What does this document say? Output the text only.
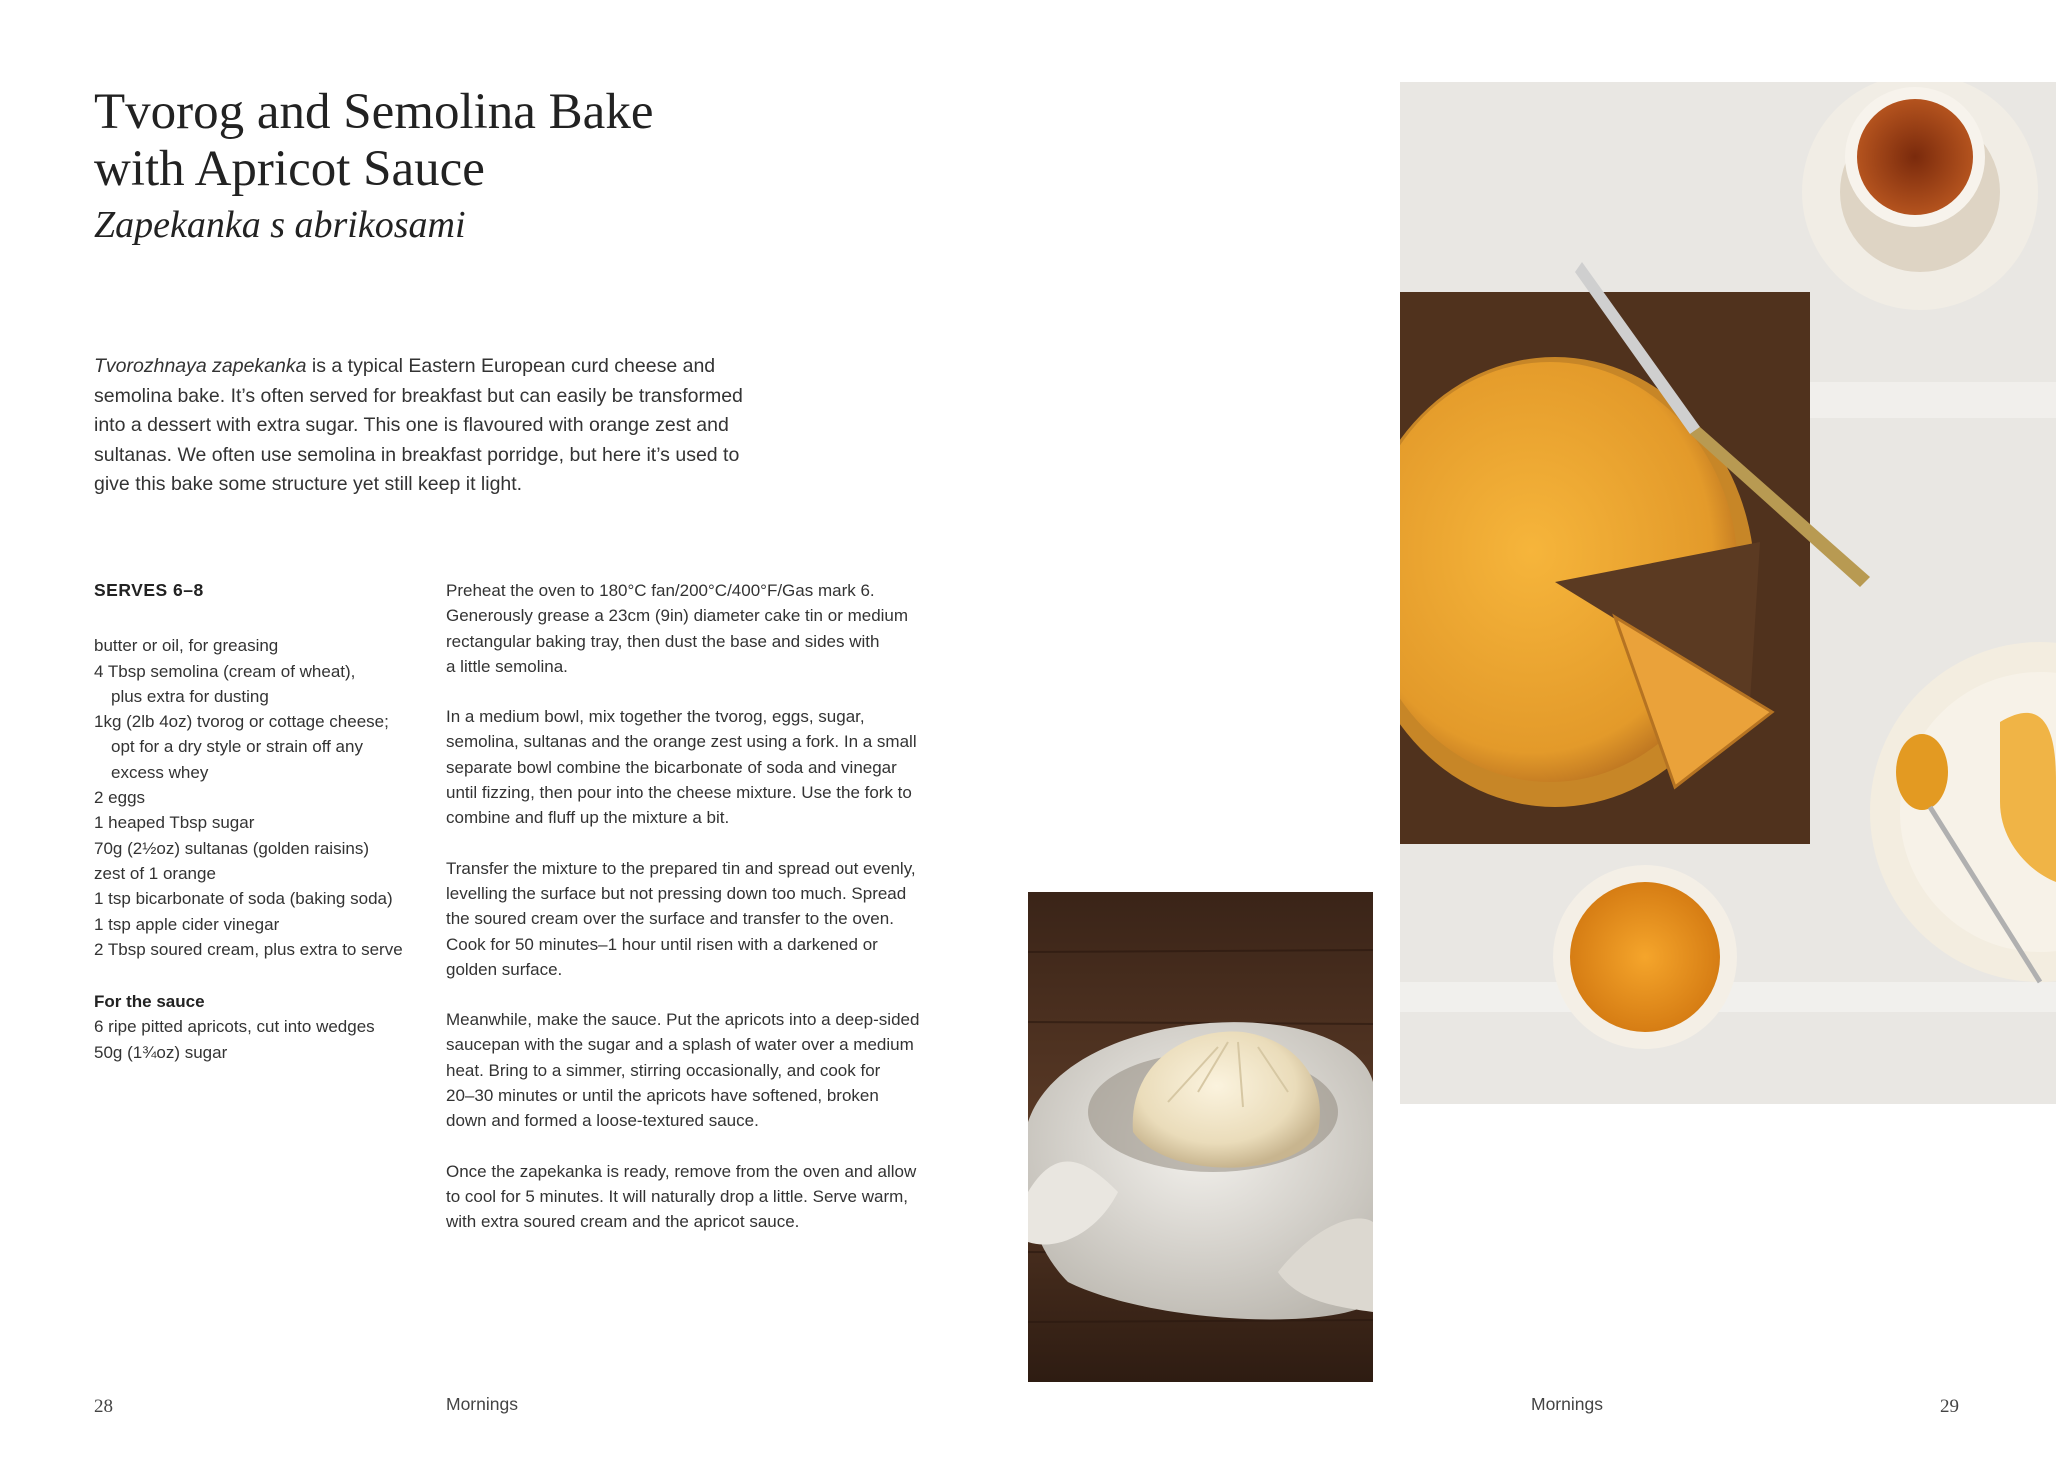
Tvorog and Semolina Bake
with Apricot Sauce
Zapekanka s abrikosami
Tvorozhnaya zapekanka is a typical Eastern European curd cheese and
semolina bake. It’s often served for breakfast but can easily be transformed
into a dessert with extra sugar. This one is flavoured with orange zest and
sultanas. We often use semolina in breakfast porridge, but here it’s used to
give this bake some structure yet still keep it light.
SERVES 6–8
butter or oil, for greasing
4 Tbsp semolina (cream of wheat),
plus extra for dusting
1kg (2lb 4oz) tvorog or cottage cheese;
opt for a dry style or strain off any
excess whey
2 eggs
1 heaped Tbsp sugar
70g (2½oz) sultanas (golden raisins)
zest of 1 orange
1 tsp bicarbonate of soda (baking soda)
1 tsp apple cider vinegar
2 Tbsp soured cream, plus extra to serve
For the sauce
6 ripe pitted apricots, cut into wedges
50g (1¾oz) sugar

Preheat the oven to 180°C fan/200°C/400°F/Gas mark 6.
Generously grease a 23cm (9in) diameter cake tin or medium
rectangular baking tray, then dust the base and sides with
a little semolina.

In a medium bowl, mix together the tvorog, eggs, sugar,
semolina, sultanas and the orange zest using a fork. In a small
separate bowl combine the bicarbonate of soda and vinegar
until fizzing, then pour into the cheese mixture. Use the fork to
combine and fluff up the mixture a bit.

Transfer the mixture to the prepared tin and spread out evenly,
levelling the surface but not pressing down too much. Spread
the soured cream over the surface and transfer to the oven.
Cook for 50 minutes–1 hour until risen with a darkened or
golden surface.

Meanwhile, make the sauce. Put the apricots into a deep-sided
saucepan with the sugar and a splash of water over a medium
heat. Bring to a simmer, stirring occasionally, and cook for
20–30 minutes or until the apricots have softened, broken
down and formed a loose-textured sauce.

Once the zapekanka is ready, remove from the oven and allow
to cool for 5 minutes. It will naturally drop a little. Serve warm,
with extra soured cream and the apricot sauce.

28	Mornings	Mornings	29
